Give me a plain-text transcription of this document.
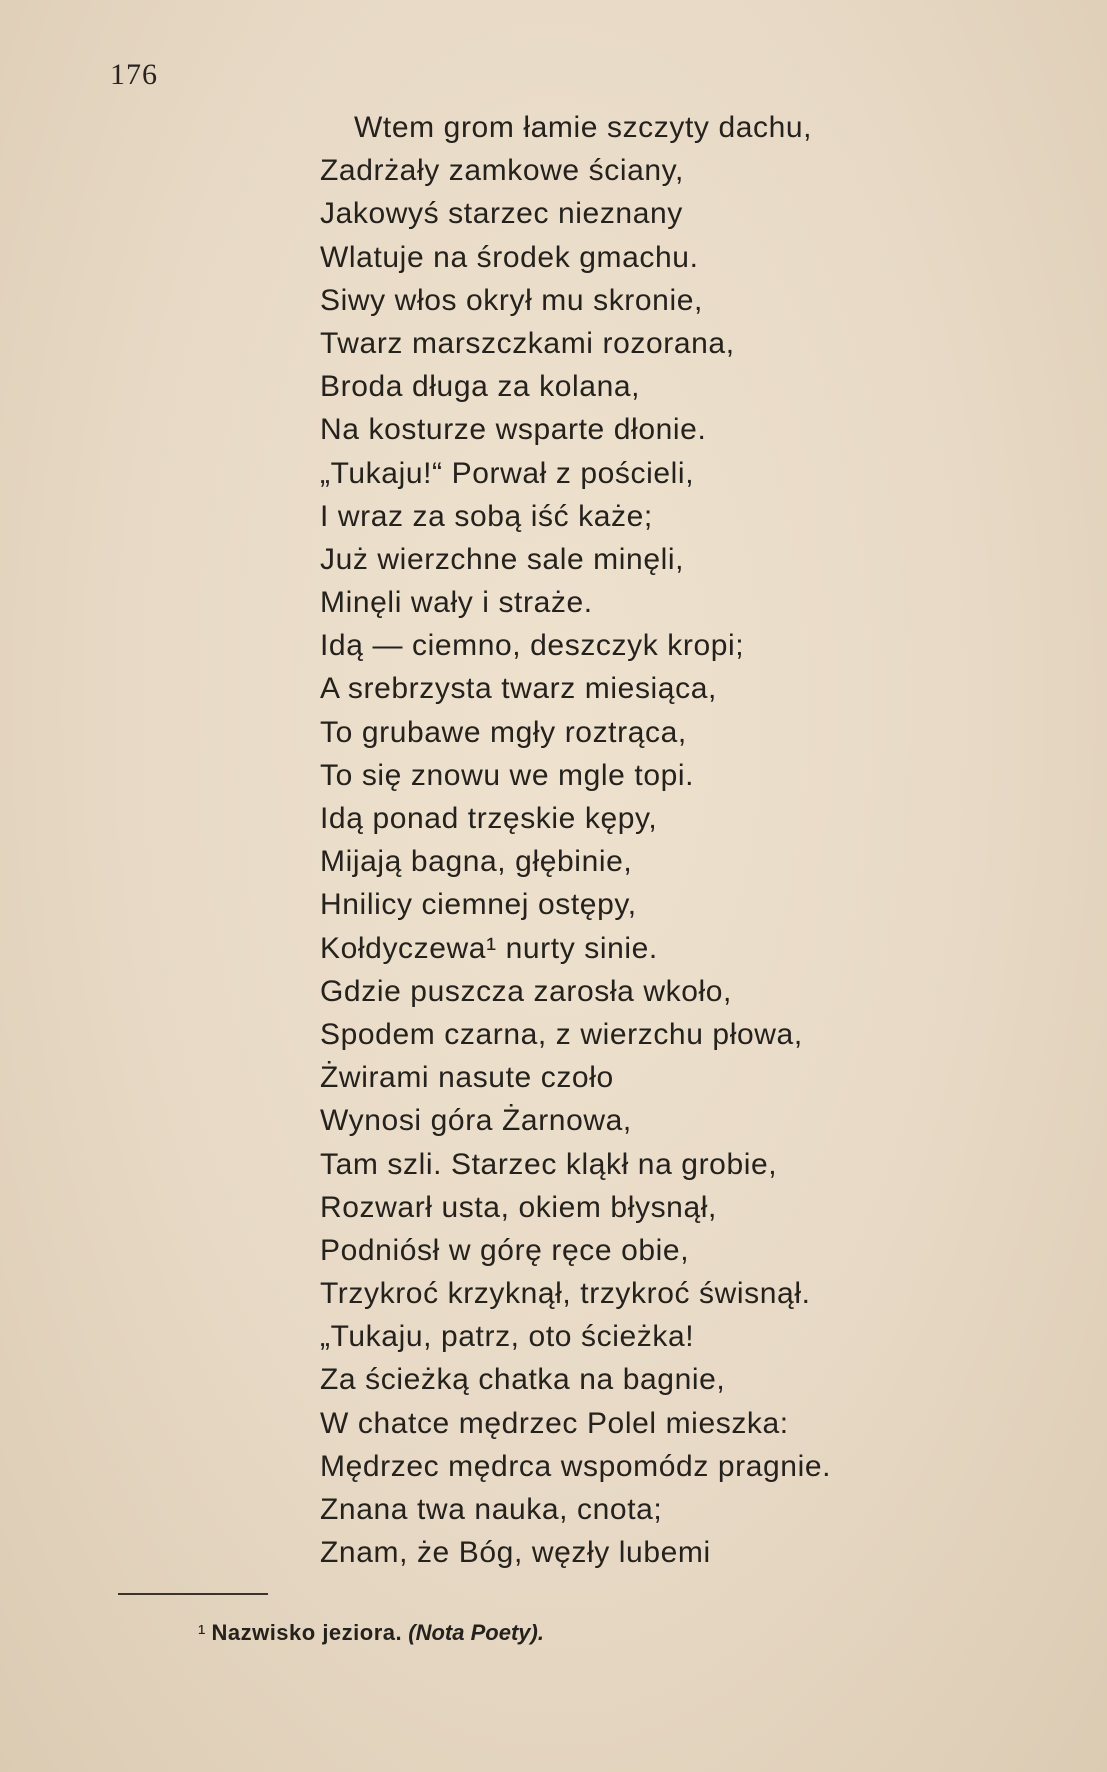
176
Wtem grom łamie szczyty dachu,
Zadrżały zamkowe ściany,
Jakowyś starzec nieznany
Wlatuje na środek gmachu.
Siwy włos okrył mu skronie,
Twarz marszczkami rozorana,
Broda długa za kolana,
Na kosturze wsparte dłonie.
„Tukaju!“ Porwał z pościeli,
I wraz za sobą iść każe;
Już wierzchne sale minęli,
Minęli wały i straże.
Idą — ciemno, deszczyk kropi;
A srebrzysta twarz miesiąca,
To grubawe mgły roztrąca,
To się znowu we mgle topi.
Idą ponad trzęskie kępy,
Mijają bagna, głębinie,
Hnilicy ciemnej ostępy,
Kołdyczewa¹ nurty sinie.
Gdzie puszcza zarosła wkoło,
Spodem czarna, z wierzchu płowa,
Żwirami nasute czoło
Wynosi góra Żarnowa,
Tam szli. Starzec kląkł na grobie,
Rozwarł usta, okiem błysnął,
Podniósł w górę ręce obie,
Trzykroć krzyknął, trzykroć świsnął.
„Tukaju, patrz, oto ścieżka!
Za ścieżką chatka na bagnie,
W chatce mędrzec Polel mieszka:
Mędrzec mędrca wspomódz pragnie.
Znana twa nauka, cnota;
Znam, że Bóg, węzły lubemi
¹ Nazwisko jeziora. (Nota Poety).
